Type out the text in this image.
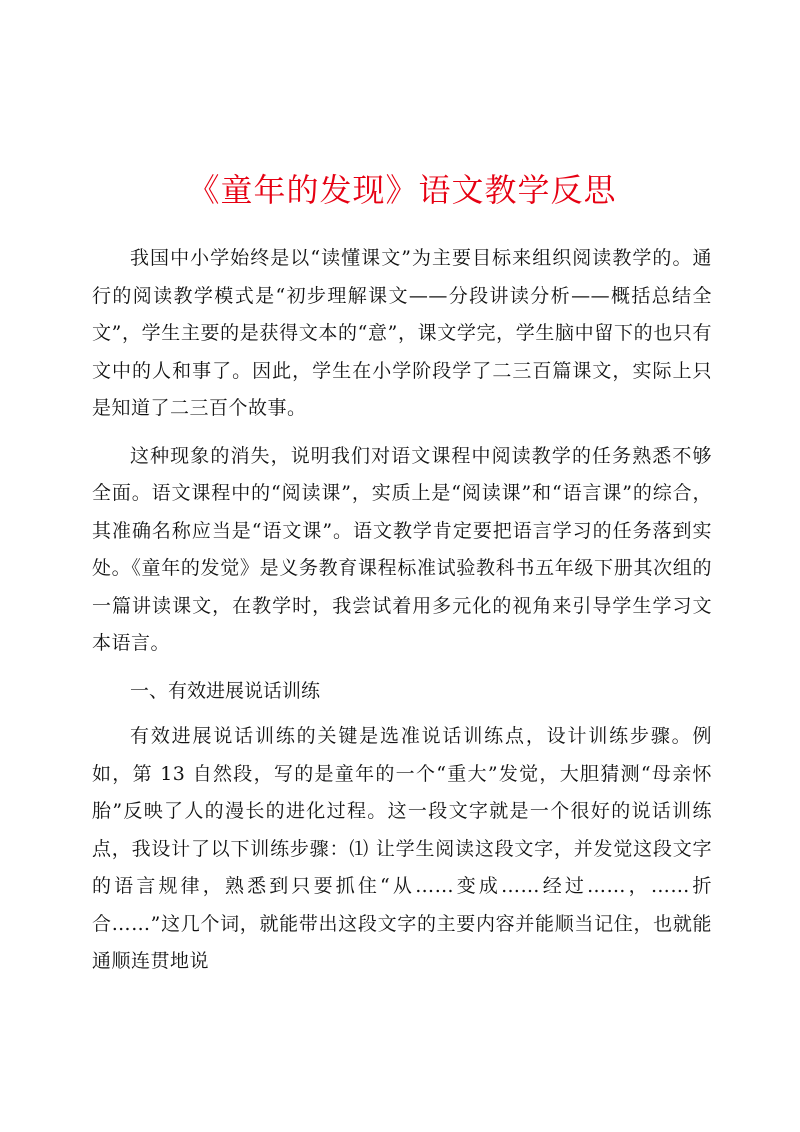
《童年的发现》语文教学反思

我国中小学始终是以“读懂课文”为主要目标来组织阅读教学的。通行的阅读教学模式是“初步理解课文——分段讲读分析——概括总结全文”，学生主要的是获得文本的“意”，课文学完，学生脑中留下的也只有文中的人和事了。因此，学生在小学阶段学了二三百篇课文，实际上只是知道了二三百个故事。

这种现象的消失，说明我们对语文课程中阅读教学的任务熟悉不够全面。语文课程中的“阅读课”，实质上是“阅读课”和“语言课”的综合，其准确名称应当是“语文课”。语文教学肯定要把语言学习的任务落到实处。《童年的发觉》是义务教育课程标准试验教科书五年级下册其次组的一篇讲读课文，在教学时，我尝试着用多元化的视角来引导学生学习文本语言。

一、有效进展说话训练

有效进展说话训练的关键是选准说话训练点，设计训练步骤。例如，第 13 自然段，写的是童年的一个“重大”发觉，大胆猜测“母亲怀胎”反映了人的漫长的进化过程。这一段文字就是一个很好的说话训练点，我设计了以下训练步骤：⑴ 让学生阅读这段文字，并发觉这段文字的语言规律，熟悉到只要抓住“从……变成……经过……，……折合……”这几个词，就能带出这段文字的主要内容并能顺当记住，也就能通顺连贯地说
